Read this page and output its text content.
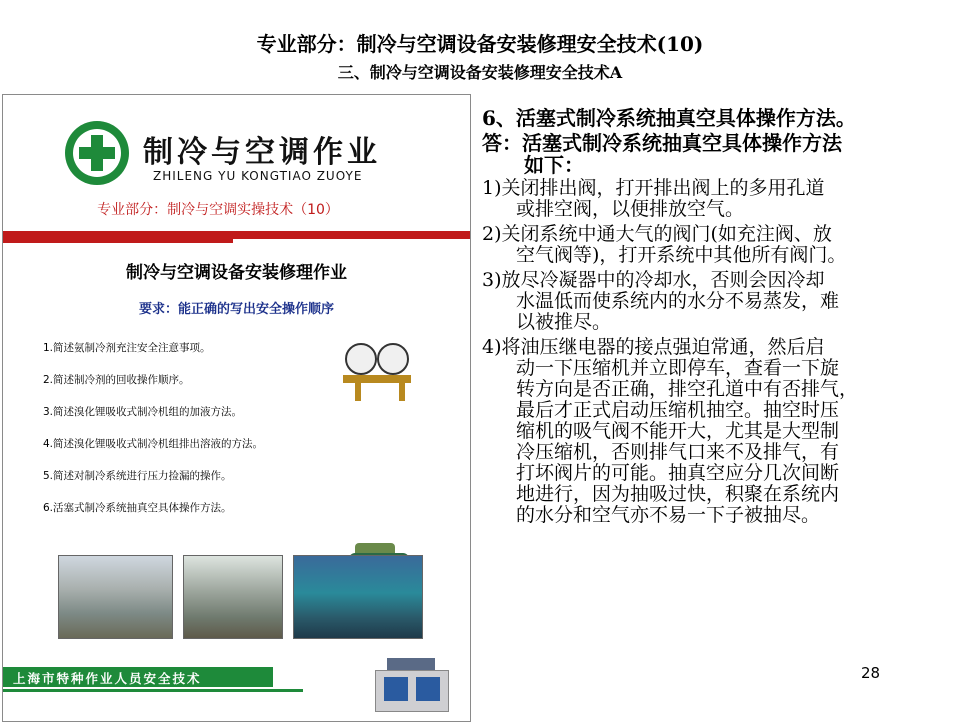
专业部分：制冷与空调设备安装修理安全技术(10)
三、制冷与空调设备安装修理安全技术A
制冷与空调作业
ZHILENG YU KONGTIAO ZUOYE
专业部分：制冷与空调实操技术（10）
制冷与空调设备安装修理作业
要求：能正确的写出安全操作顺序
1.简述氨制冷剂充注安全注意事项。
2.简述制冷剂的回收操作顺序。
3.简述溴化锂吸收式制冷机组的加液方法。
4.简述溴化锂吸收式制冷机组排出溶液的方法。
5.简述对制冷系统进行压力捡漏的操作。
6.活塞式制冷系统抽真空具体操作方法。
上海市特种作业人员安全技术
6、活塞式制冷系统抽真空具体操作方法。
答：活塞式制冷系统抽真空具体操作方法
如下：
1)关闭排出阀，打开排出阀上的多用孔道
或排空阀，以便排放空气。
2)关闭系统中通大气的阀门(如充注阀、放
空气阀等)，打开系统中其他所有阀门。
3)放尽冷凝器中的冷却水，否则会因冷却
水温低而使系统内的水分不易蒸发，难
以被推尽。
4)将油压继电器的接点强迫常通，然后启
动一下压缩机并立即停车，查看一下旋
转方向是否正确，排空孔道中有否排气，
最后才正式启动压缩机抽空。抽空时压
缩机的吸气阀不能开大，尤其是大型制
冷压缩机，否则排气口来不及排气，有
打坏阀片的可能。抽真空应分几次间断
地进行，因为抽吸过快，积聚在系统内
的水分和空气亦不易一下子被抽尽。
28
